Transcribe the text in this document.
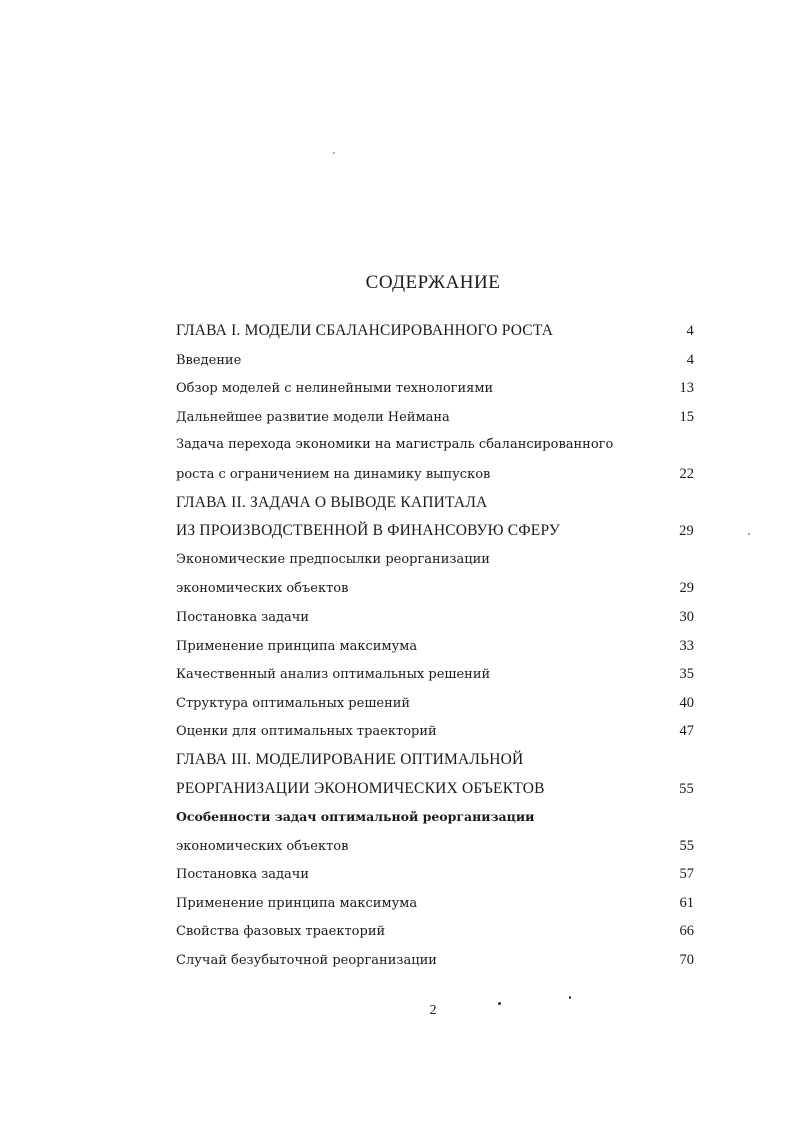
СОДЕРЖАНИЕ
ГЛАВА I. МОДЕЛИ СБАЛАНСИРОВАННОГО РОСТА	4
Введение	4
Обзор моделей с нелинейными технологиями	13
Дальнейшее развитие модели Неймана	15
Задача перехода экономики на магистраль сбалансированного
роста с ограничением на динамику выпусков	22
ГЛАВА II. ЗАДАЧА О ВЫВОДЕ КАПИТАЛА
ИЗ ПРОИЗВОДСТВЕННОЙ В ФИНАНСОВУЮ СФЕРУ	29
Экономические предпосылки реорганизации
экономических объектов	29
Постановка задачи	30
Применение принципа максимума	33
Качественный анализ оптимальных решений	35
Структура оптимальных решений	40
Оценки для оптимальных траекторий	47
ГЛАВА III. МОДЕЛИРОВАНИЕ ОПТИМАЛЬНОЙ
РЕОРГАНИЗАЦИИ ЭКОНОМИЧЕСКИХ ОБЪЕКТОВ	55
Особенности задач оптимальной реорганизации
экономических объектов	55
Постановка задачи	57
Применение принципа максимума	61
Свойства фазовых траекторий	66
Случай безубыточной реорганизации	70
2
